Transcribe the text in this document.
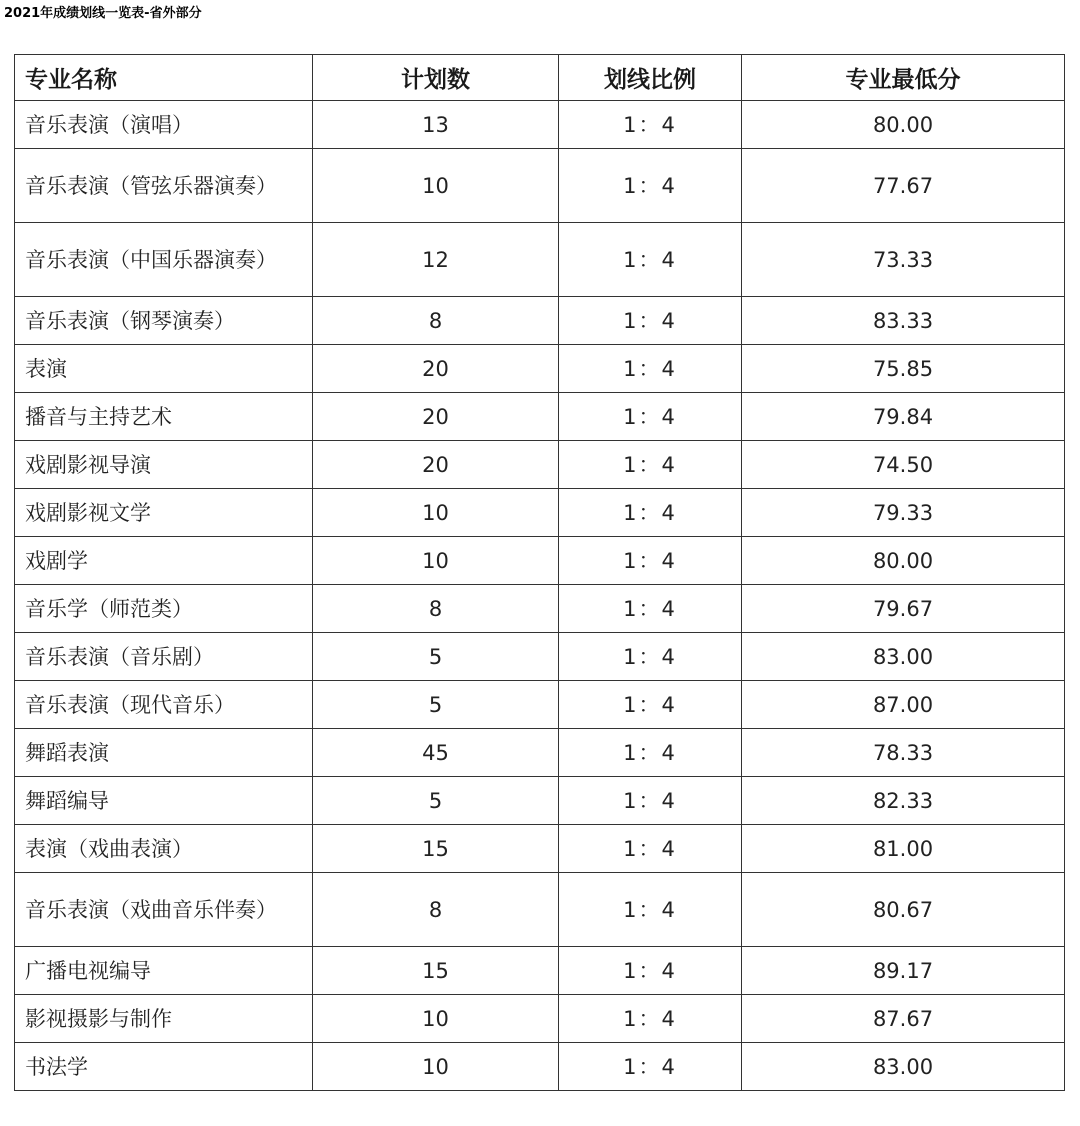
2021年成绩划线一览表-省外部分
专业名称	计划数	划线比例	专业最低分
音乐表演（演唱）	13	1：4	80.00
音乐表演（管弦乐器演奏）	10	1：4	77.67
音乐表演（中国乐器演奏）	12	1：4	73.33
音乐表演（钢琴演奏）	8	1：4	83.33
表演	20	1：4	75.85
播音与主持艺术	20	1：4	79.84
戏剧影视导演	20	1：4	74.50
戏剧影视文学	10	1：4	79.33
戏剧学	10	1：4	80.00
音乐学（师范类）	8	1：4	79.67
音乐表演（音乐剧）	5	1：4	83.00
音乐表演（现代音乐）	5	1：4	87.00
舞蹈表演	45	1：4	78.33
舞蹈编导	5	1：4	82.33
表演（戏曲表演）	15	1：4	81.00
音乐表演（戏曲音乐伴奏）	8	1：4	80.67
广播电视编导	15	1：4	89.17
影视摄影与制作	10	1：4	87.67
书法学	10	1：4	83.00
